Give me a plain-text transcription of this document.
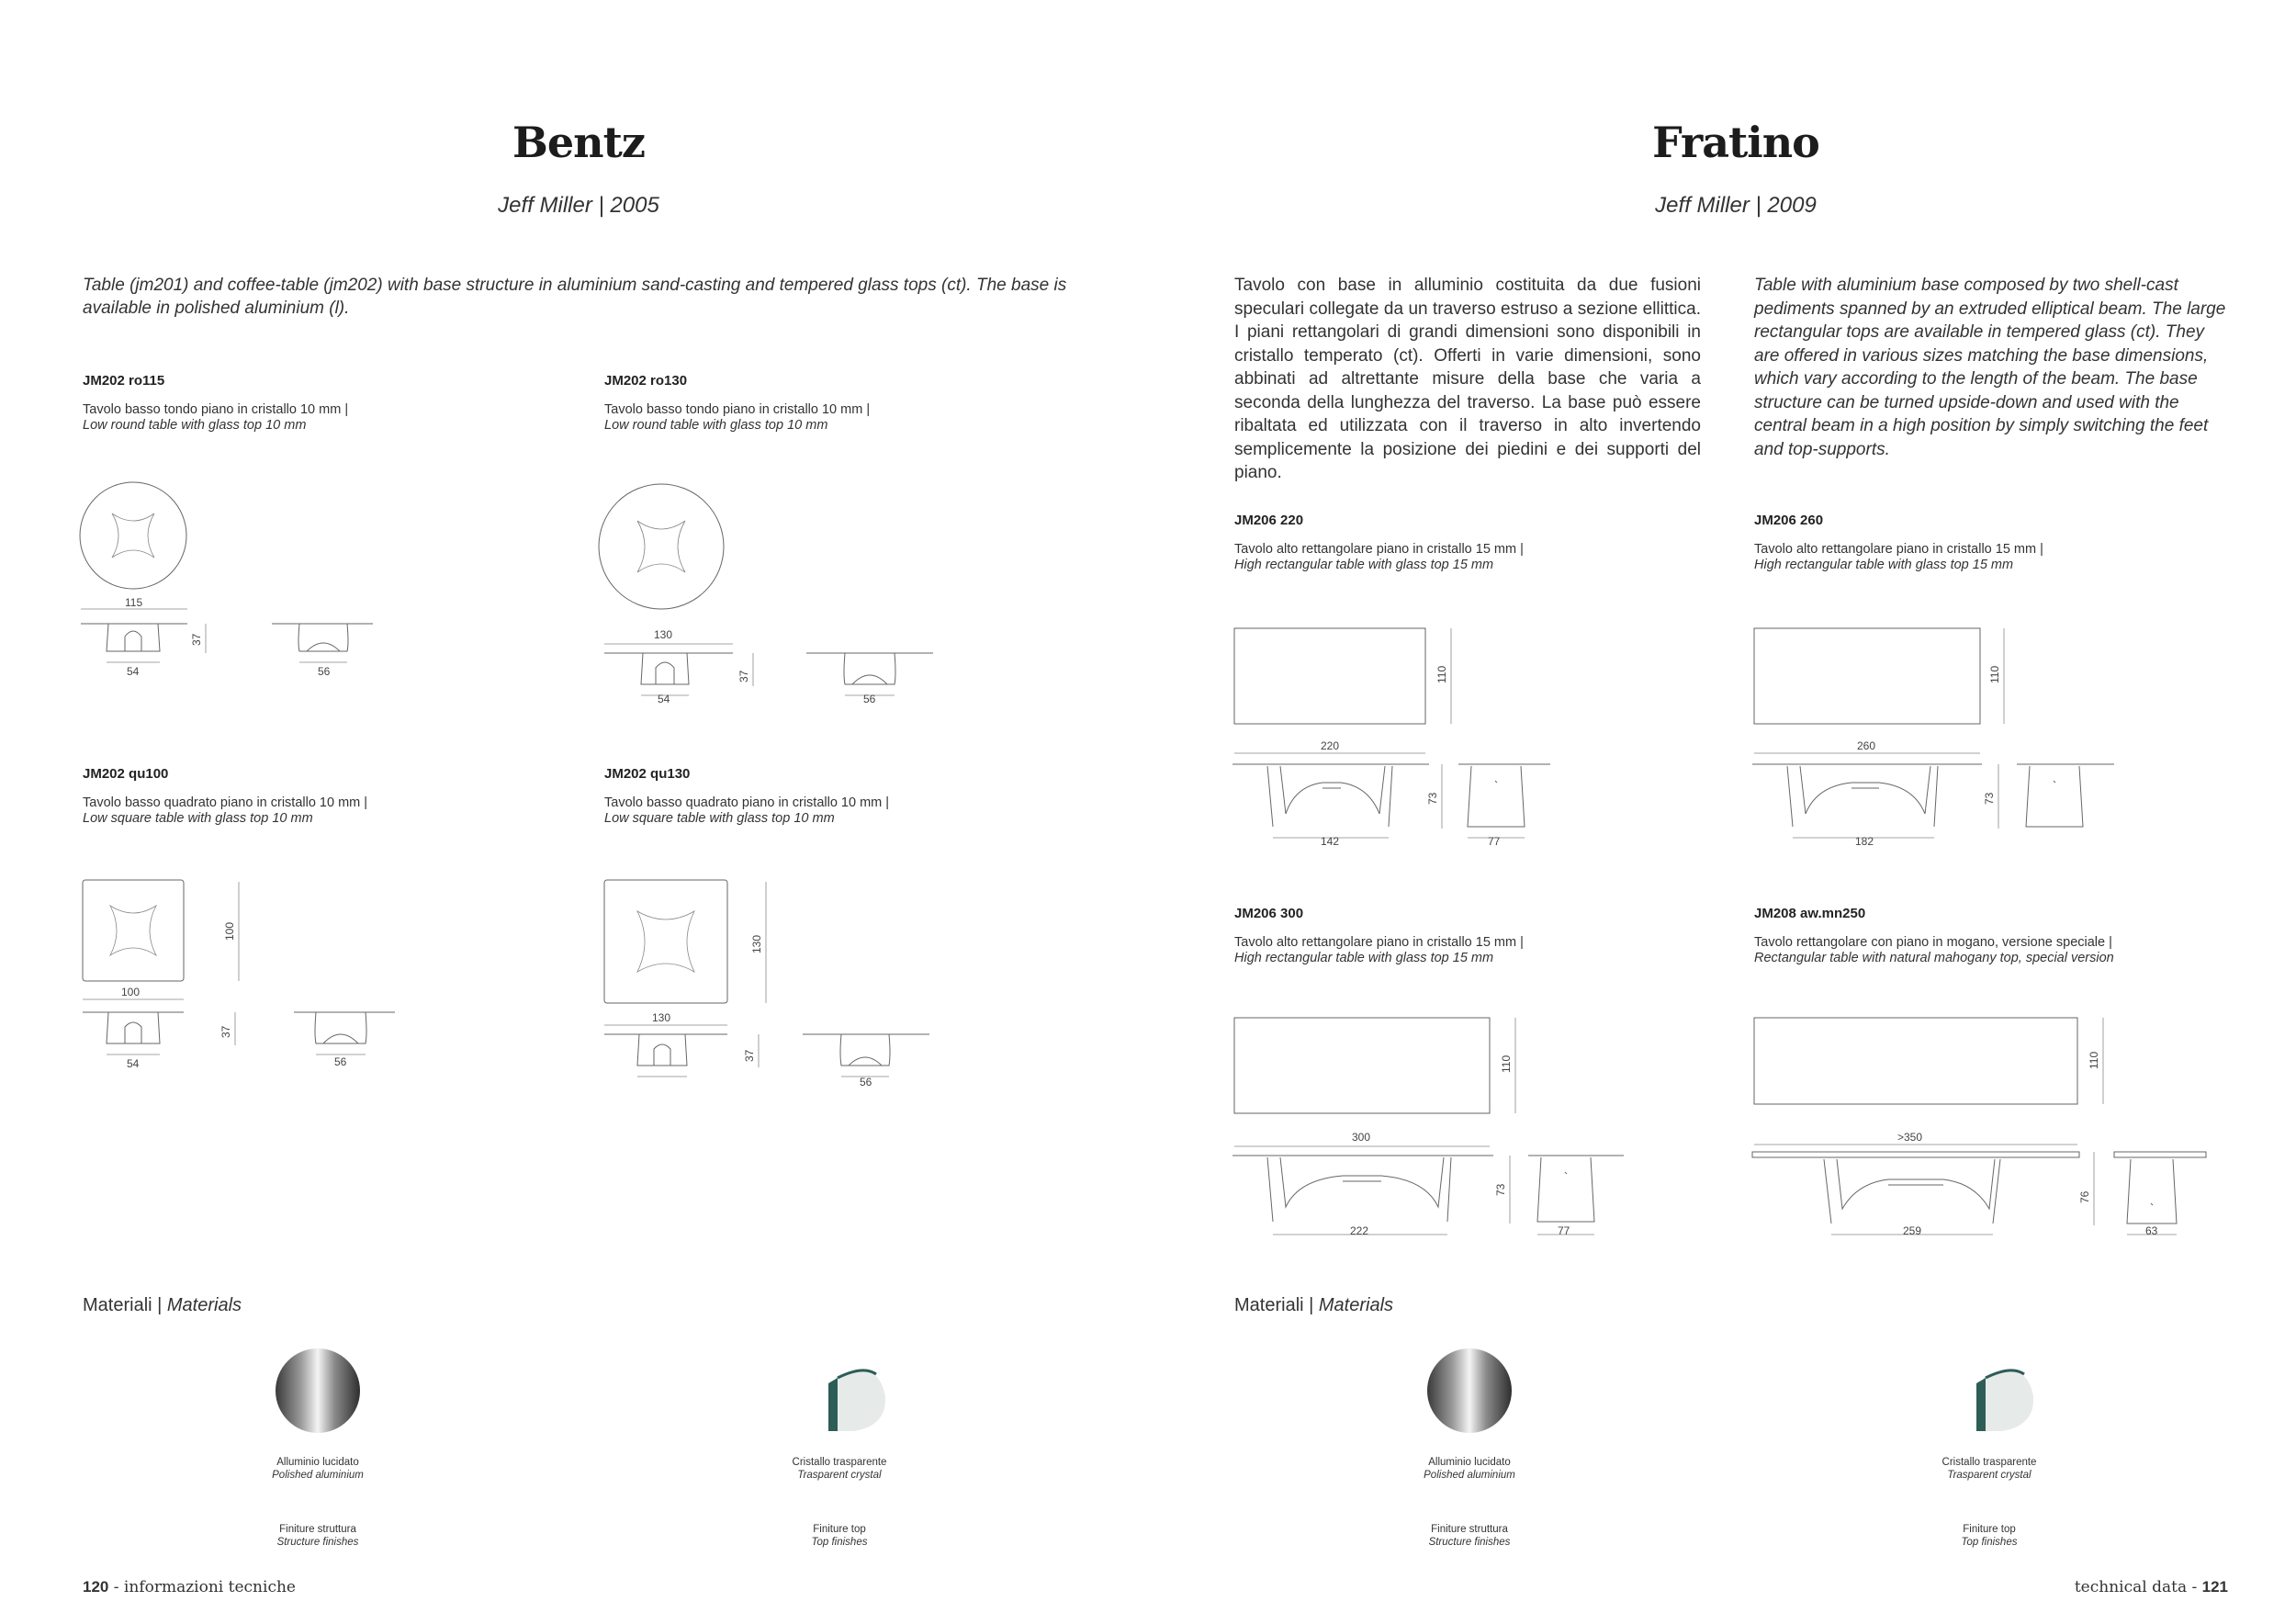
Bentz
Jeff Miller | 2005
Table (jm201) and coffee-table (jm202) with base structure in aluminium sand-casting and tempered glass tops (ct). The base is available in polished aluminium (l).
JM202 ro115
Tavolo basso tondo piano in cristallo 10 mm |
Low round table with glass top 10 mm
115
37
54	56
JM202 ro130
Tavolo basso tondo piano in cristallo 10 mm |
Low round table with glass top 10 mm
130
37
54	56
JM202 qu100
Tavolo basso quadrato piano in cristallo 10 mm |
Low square table with glass top 10 mm
100
100
37
54	56
JM202 qu130
Tavolo basso quadrato piano in cristallo 10 mm |
Low square table with glass top 10 mm
130
130
37
56
Materiali | Materials
Alluminio lucidato
Polished aluminium
Finiture struttura
Structure finishes
Cristallo trasparente
Trasparent crystal
Finiture top
Top finishes
120 - informazioni tecniche
Fratino
Jeff Miller | 2009
Tavolo con base in alluminio costituita da due fusioni speculari collegate da un traverso estruso a sezione ellittica. I piani rettangolari di grandi dimensioni sono disponibili in cristallo temperato (ct). Offerti in varie dimensioni, sono abbinati ad altrettante misure della base che varia a seconda della lunghezza del traverso. La base può essere ribaltata ed utilizzata con il traverso in alto invertendo semplicemente la posizione dei piedini e dei supporti del piano.
Table with aluminium base composed by two shell-cast pediments spanned by an extruded elliptical beam. The large rectangular tops are available in tempered glass (ct). They are offered in various sizes matching the base dimensions, which vary according to the length of the beam. The base structure can be turned upside-down and used with the central beam in a high position by simply switching the feet and top-supports.
JM206 220
Tavolo alto rettangolare piano in cristallo 15 mm |
High rectangular table with glass top 15 mm
110
220
142
73
77
JM206 260
Tavolo alto rettangolare piano in cristallo 15 mm |
High rectangular table with glass top 15 mm
110
260
182
73
JM206 300
Tavolo alto rettangolare piano in cristallo 15 mm |
High rectangular table with glass top 15 mm
110
300
222
73
77
JM208 aw.mn250
Tavolo rettangolare con piano in mogano, versione speciale |
Rectangular table with natural mahogany top, special version
110
>350
259
76
63
Materiali | Materials
Alluminio lucidato
Polished aluminium
Finiture struttura
Structure finishes
Cristallo trasparente
Trasparent crystal
Finiture top
Top finishes
technical data - 121
